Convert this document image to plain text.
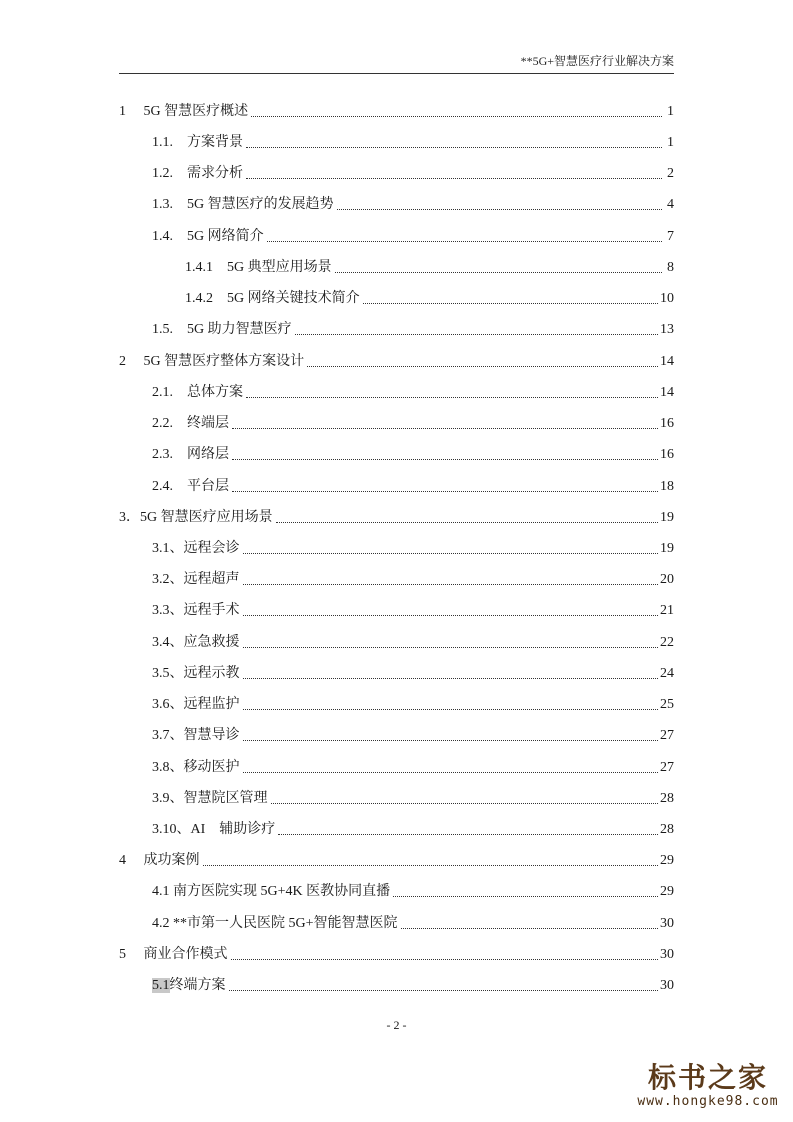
**5G+智慧医疗行业解决方案
1　 5G 智慧医疗概述	1
1.1.　方案背景	1
1.2.　需求分析	2
1.3.　5G 智慧医疗的发展趋势	4
1.4.　5G 网络简介	7
1.4.1　5G 典型应用场景	8
1.4.2　5G 网络关键技术简介	10
1.5.　5G 助力智慧医疗	13
2　 5G 智慧医疗整体方案设计	14
2.1.　总体方案	14
2.2.　终端层	16
2.3.　网络层	16
2.4.　平台层	18
3．5G 智慧医疗应用场景	19
3.1、远程会诊	19
3.2、远程超声	20
3.3、远程手术	21
3.4、应急救援	22
3.5、远程示教	24
3.6、远程监护	25
3.7、智慧导诊	27
3.8、移动医护	27
3.9、智慧院区管理	28
3.10、AI　辅助诊疗	28
4　 成功案例	29
4.1 南方医院实现 5G+4K 医教协同直播	29
4.2 **市第一人民医院 5G+智能智慧医院	30
5　 商业合作模式	30
5.1终端方案	30
- 2 -
标书之家
www.hongke98.com
